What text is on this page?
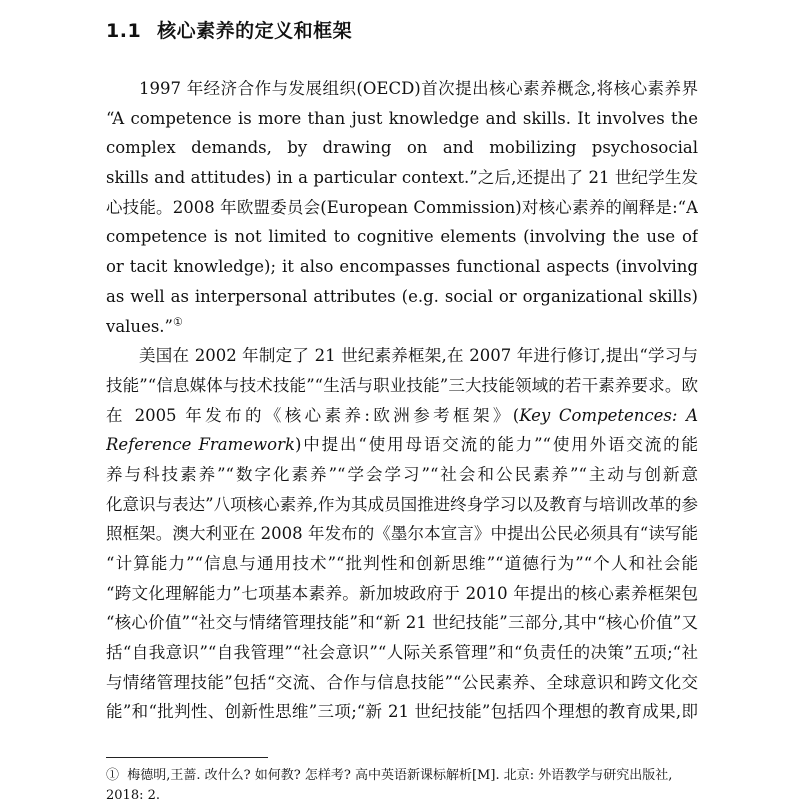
1.1 核心素养的定义和框架
1997 年经济合作与发展组织(OECD)首次提出核心素养概念,将核心素养界
“A competence is more than just knowledge and skills. It involves the
complex demands, by drawing on and mobilizing psychosocial
skills and attitudes) in a particular context.”之后,还提出了 21 世纪学生发
心技能。2008 年欧盟委员会(European Commission)对核心素养的阐释是:“A
competence is not limited to cognitive elements (involving the use of
or tacit knowledge); it also encompasses functional aspects (involving
as well as interpersonal attributes (e.g. social or organizational skills)
values.”①
美国在 2002 年制定了 21 世纪素养框架,在 2007 年进行修订,提出“学习与
技能”“信息媒体与技术技能”“生活与职业技能”三大技能领域的若干素养要求。欧
在 2005 年发布的《核心素养:欧洲参考框架》(Key Competences: A
Reference Framework)中提出“使用母语交流的能力”“使用外语交流的能
养与科技素养”“数字化素养”“学会学习”“社会和公民素养”“主动与创新意
化意识与表达”八项核心素养,作为其成员国推进终身学习以及教育与培训改革的参
照框架。澳大利亚在 2008 年发布的《墨尔本宣言》中提出公民必须具有“读写能
“计算能力”“信息与通用技术”“批判性和创新思维”“道德行为”“个人和社会能
“跨文化理解能力”七项基本素养。新加坡政府于 2010 年提出的核心素养框架包
“核心价值”“社交与情绪管理技能”和“新 21 世纪技能”三部分,其中“核心价值”又
括“自我意识”“自我管理”“社会意识”“人际关系管理”和“负责任的决策”五项;“社
与情绪管理技能”包括“交流、合作与信息技能”“公民素养、全球意识和跨文化交
能”和“批判性、创新性思维”三项;“新 21 世纪技能”包括四个理想的教育成果,即
① 梅德明,王蔷. 改什么? 如何教? 怎样考? 高中英语新课标解析[M]. 北京: 外语教学与研究出版社,
2018: 2.
